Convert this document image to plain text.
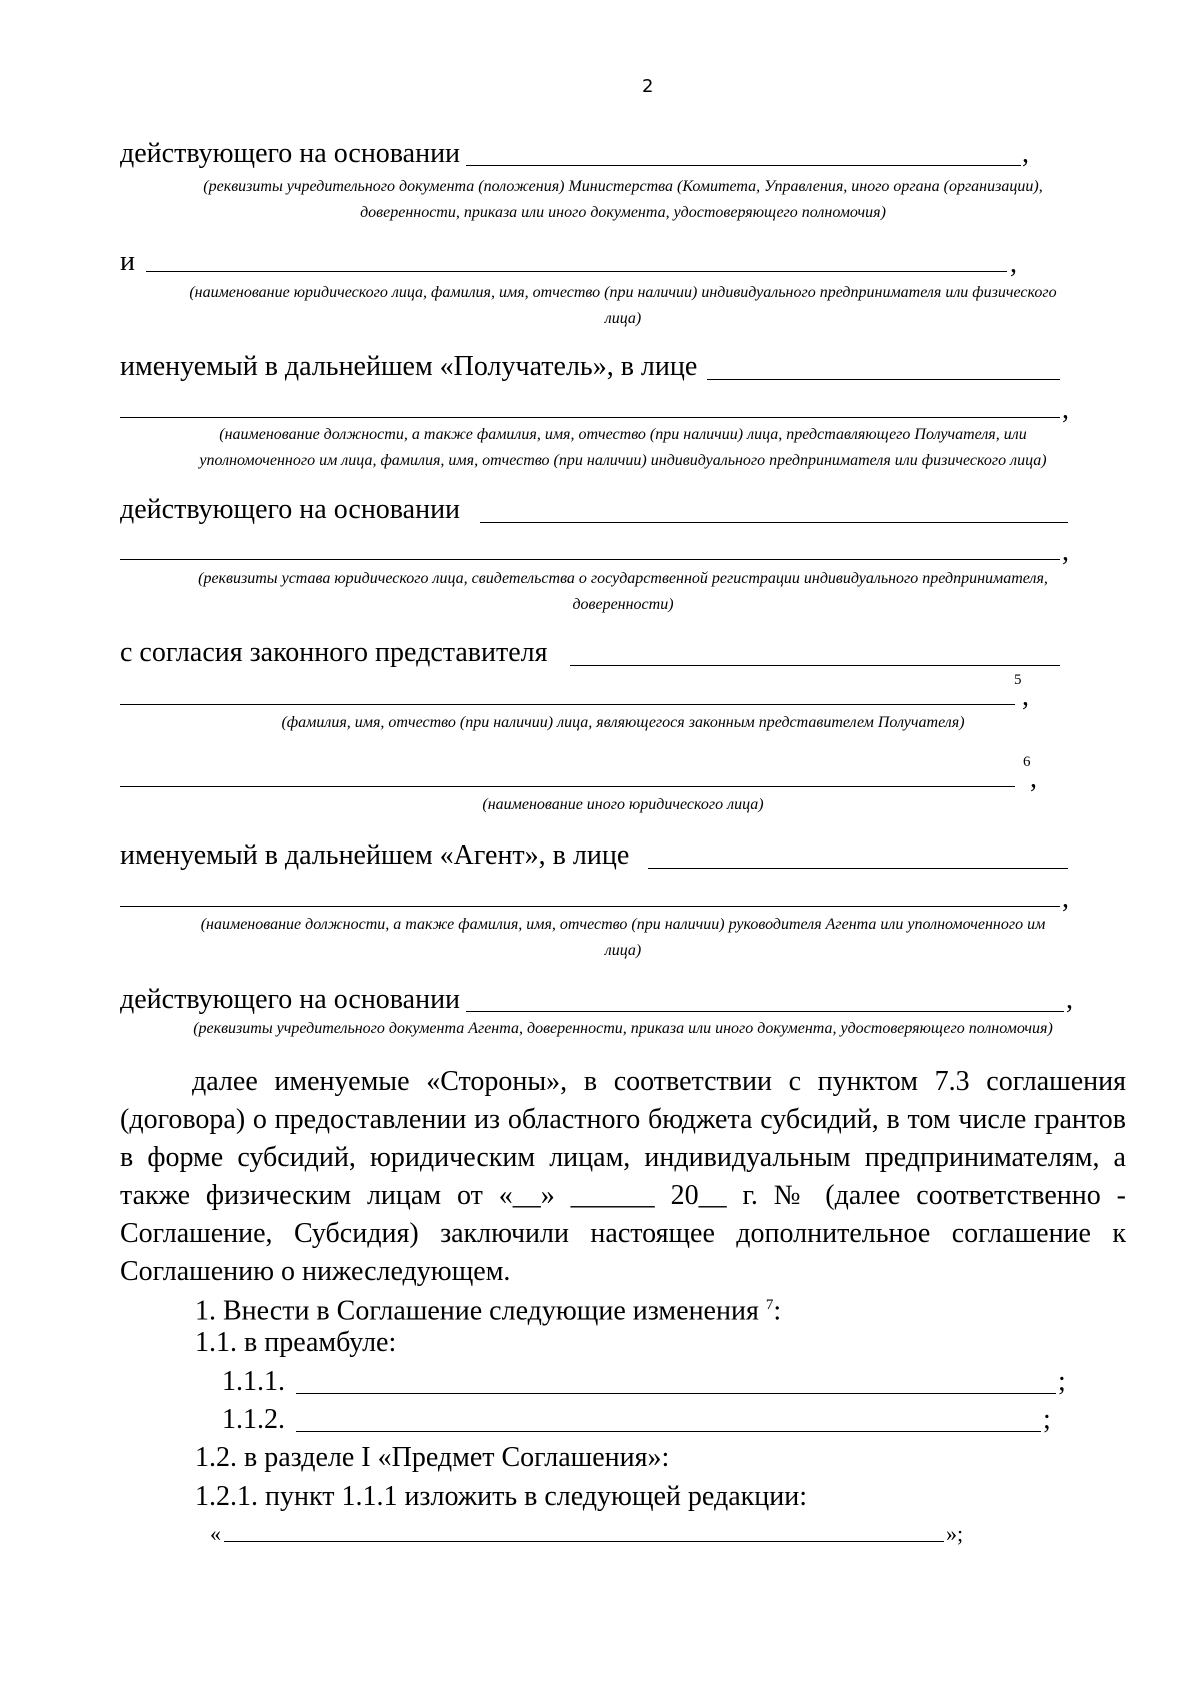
2
действующего на основании	,
(реквизиты учредительного документа (положения) Министерства (Комитета, Управления, иного органа (организации),
доверенности, приказа или иного документа, удостоверяющего полномочия)
и	,
(наименование юридического лица, фамилия, имя, отчество (при наличии) индивидуального предпринимателя или физического
лица)
именуемый в дальнейшем «Получатель», в лице
,
(наименование должности, а также фамилия, имя, отчество (при наличии) лица, представляющего Получателя, или
уполномоченного им лица, фамилия, имя, отчество (при наличии) индивидуального предпринимателя или физического лица)
действующего на основании
,
(реквизиты устава юридического лица, свидетельства о государственной регистрации индивидуального предпринимателя,
доверенности)
с согласия законного представителя
5
,
(фамилия, имя, отчество (при наличии) лица, являющегося законным представителем Получателя)
6
,
(наименование иного юридического лица)
именуемый в дальнейшем «Агент», в лице
,
(наименование должности, а также фамилия, имя, отчество (при наличии) руководителя Агента или уполномоченного им
лица)
действующего на основании	,
(реквизиты учредительного документа Агента, доверенности, приказа или иного документа, удостоверяющего полномочия)
далее именуемые «Стороны», в соответствии с пунктом 7.3 соглашения (договора) о предоставлении из областного бюджета субсидий, в том числе грантов в форме субсидий, юридическим лицам, индивидуальным предпринимателям, а также физическим лицам от «__» ______ 20__ г. № (далее соответственно - Соглашение, Субсидия) заключили настоящее дополнительное соглашение к Соглашению о нижеследующем.
1. Внести в Соглашение следующие изменения $^7$:
1.1. в преамбуле:
1.1.1.	;
1.1.2.	;
1.2. в разделе I «Предмет Соглашения»:
1.2.1. пункт 1.1.1 изложить в следующей редакции:
«	»;
